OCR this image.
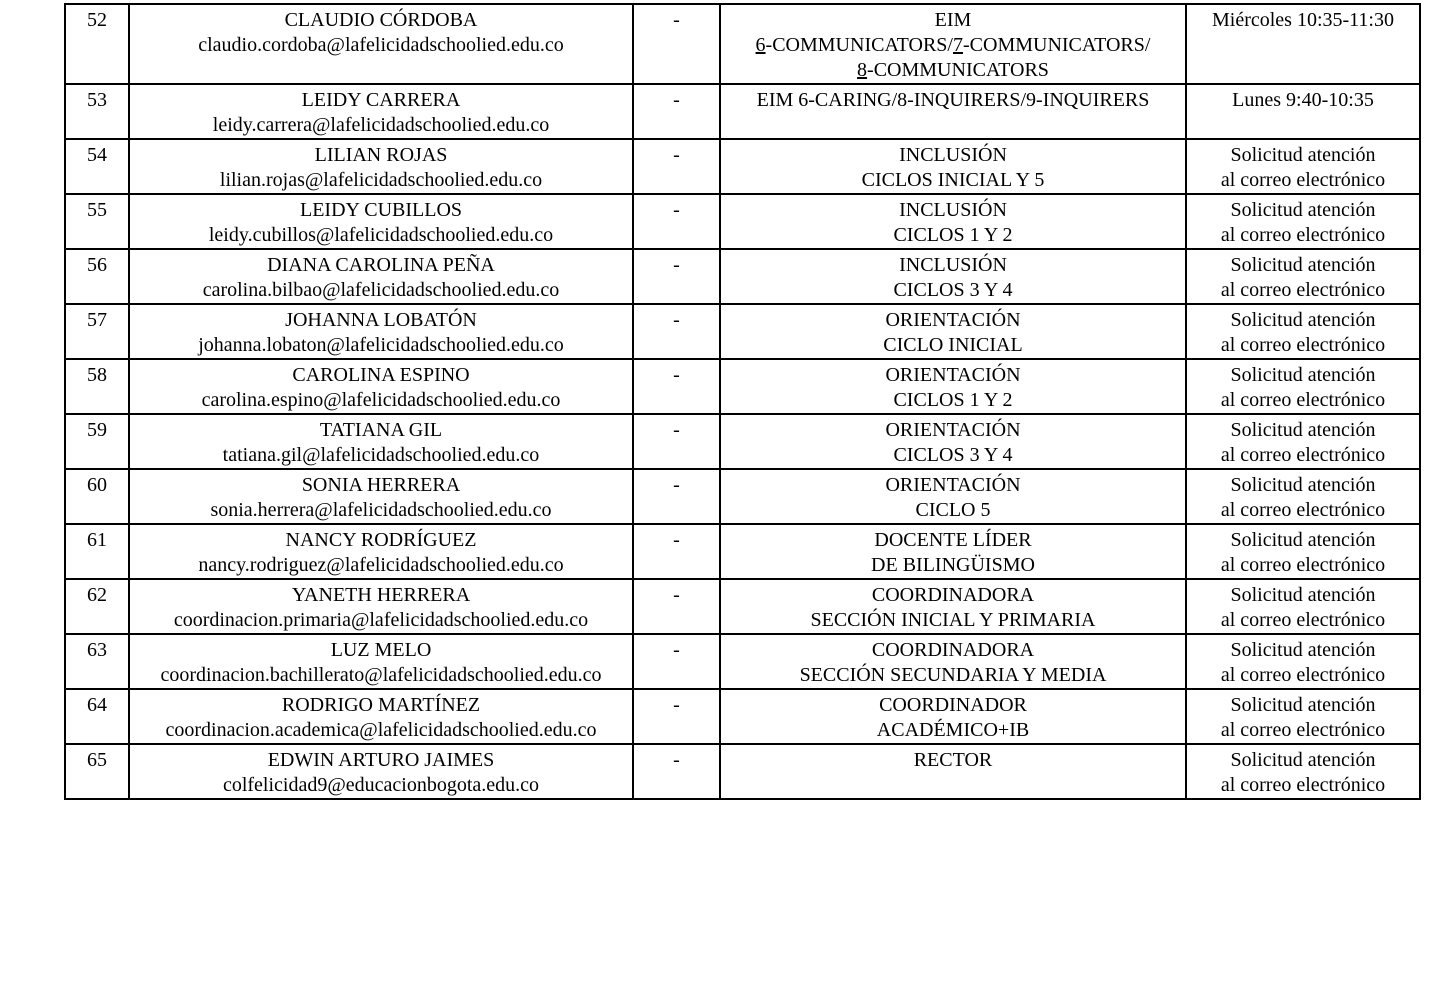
52	CLAUDIO CÓRDOBA
claudio.cordoba@lafelicidadschoolied.edu.co	-	EIM
6-COMMUNICATORS/7-COMMUNICATORS/
8-COMMUNICATORS	Miércoles 10:35-11:30

53	LEIDY CARRERA
leidy.carrera@lafelicidadschoolied.edu.co	-	EIM 6-CARING/8-INQUIRERS/9-INQUIRERS	Lunes 9:40-10:35

54	LILIAN ROJAS
lilian.rojas@lafelicidadschoolied.edu.co	-	INCLUSIÓN
CICLOS INICIAL Y 5	Solicitud atención
al correo electrónico

55	LEIDY CUBILLOS
leidy.cubillos@lafelicidadschoolied.edu.co	-	INCLUSIÓN
CICLOS 1 Y 2	Solicitud atención
al correo electrónico

56	DIANA CAROLINA PEÑA
carolina.bilbao@lafelicidadschoolied.edu.co	-	INCLUSIÓN
CICLOS 3 Y 4	Solicitud atención
al correo electrónico

57	JOHANNA LOBATÓN
johanna.lobaton@lafelicidadschoolied.edu.co	-	ORIENTACIÓN
CICLO INICIAL	Solicitud atención
al correo electrónico

58	CAROLINA ESPINO
carolina.espino@lafelicidadschoolied.edu.co	-	ORIENTACIÓN
CICLOS 1 Y 2	Solicitud atención
al correo electrónico

59	TATIANA GIL
tatiana.gil@lafelicidadschoolied.edu.co	-	ORIENTACIÓN
CICLOS 3 Y 4	Solicitud atención
al correo electrónico

60	SONIA HERRERA
sonia.herrera@lafelicidadschoolied.edu.co	-	ORIENTACIÓN
CICLO 5	Solicitud atención
al correo electrónico

61	NANCY RODRÍGUEZ
nancy.rodriguez@lafelicidadschoolied.edu.co	-	DOCENTE LÍDER
DE BILINGÜISMO	Solicitud atención
al correo electrónico

62	YANETH HERRERA
coordinacion.primaria@lafelicidadschoolied.edu.co	-	COORDINADORA
SECCIÓN INICIAL Y PRIMARIA	Solicitud atención
al correo electrónico

63	LUZ MELO
coordinacion.bachillerato@lafelicidadschoolied.edu.co	-	COORDINADORA
SECCIÓN SECUNDARIA Y MEDIA	Solicitud atención
al correo electrónico

64	RODRIGO MARTÍNEZ
coordinacion.academica@lafelicidadschoolied.edu.co	-	COORDINADOR
ACADÉMICO+IB	Solicitud atención
al correo electrónico

65	EDWIN ARTURO JAIMES
colfelicidad9@educacionbogota.edu.co	-	RECTOR	Solicitud atención
al correo electrónico
